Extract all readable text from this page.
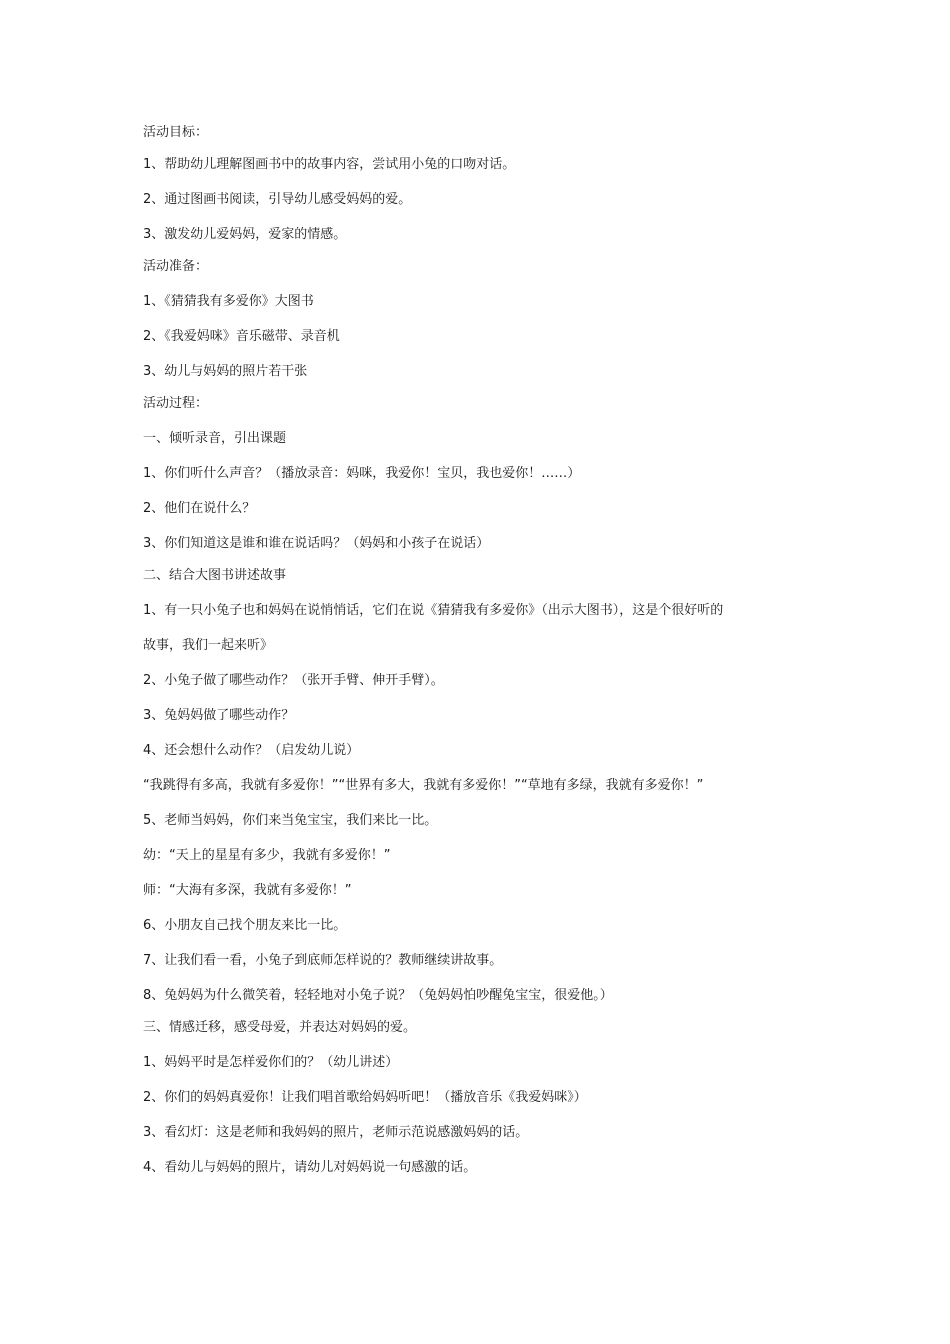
活动目标：

1、帮助幼儿理解图画书中的故事内容，尝试用小兔的口吻对话。

2、通过图画书阅读，引导幼儿感受妈妈的爱。

3、激发幼儿爱妈妈，爱家的情感。

活动准备：

1、《猜猜我有多爱你》大图书

2、《我爱妈咪》音乐磁带、录音机

3、幼儿与妈妈的照片若干张

活动过程：

一、倾听录音，引出课题

1、你们听什么声音？（播放录音：妈咪，我爱你！宝贝，我也爱你！……）

2、他们在说什么？

3、你们知道这是谁和谁在说话吗？（妈妈和小孩子在说话）

二、结合大图书讲述故事

1、有一只小兔子也和妈妈在说悄悄话，它们在说《猜猜我有多爱你》（出示大图书），这是个很好听的

故事，我们一起来听》

2、小兔子做了哪些动作？（张开手臂、伸开手臂）。

3、兔妈妈做了哪些动作？

4、还会想什么动作？（启发幼儿说）

“我跳得有多高，我就有多爱你！”“世界有多大，我就有多爱你！”“草地有多绿，我就有多爱你！”

5、老师当妈妈，你们来当兔宝宝，我们来比一比。

幼：“天上的星星有多少，我就有多爱你！”

师：“大海有多深，我就有多爱你！”

6、小朋友自己找个朋友来比一比。

7、让我们看一看，小兔子到底师怎样说的？教师继续讲故事。

8、兔妈妈为什么微笑着，轻轻地对小兔子说？（兔妈妈怕吵醒兔宝宝，很爱他。）

三、情感迁移，感受母爱，并表达对妈妈的爱。

1、妈妈平时是怎样爱你们的？（幼儿讲述）

2、你们的妈妈真爱你！让我们唱首歌给妈妈听吧！（播放音乐《我爱妈咪》）

3、看幻灯：这是老师和我妈妈的照片，老师示范说感激妈妈的话。

4、看幼儿与妈妈的照片，请幼儿对妈妈说一句感激的话。
